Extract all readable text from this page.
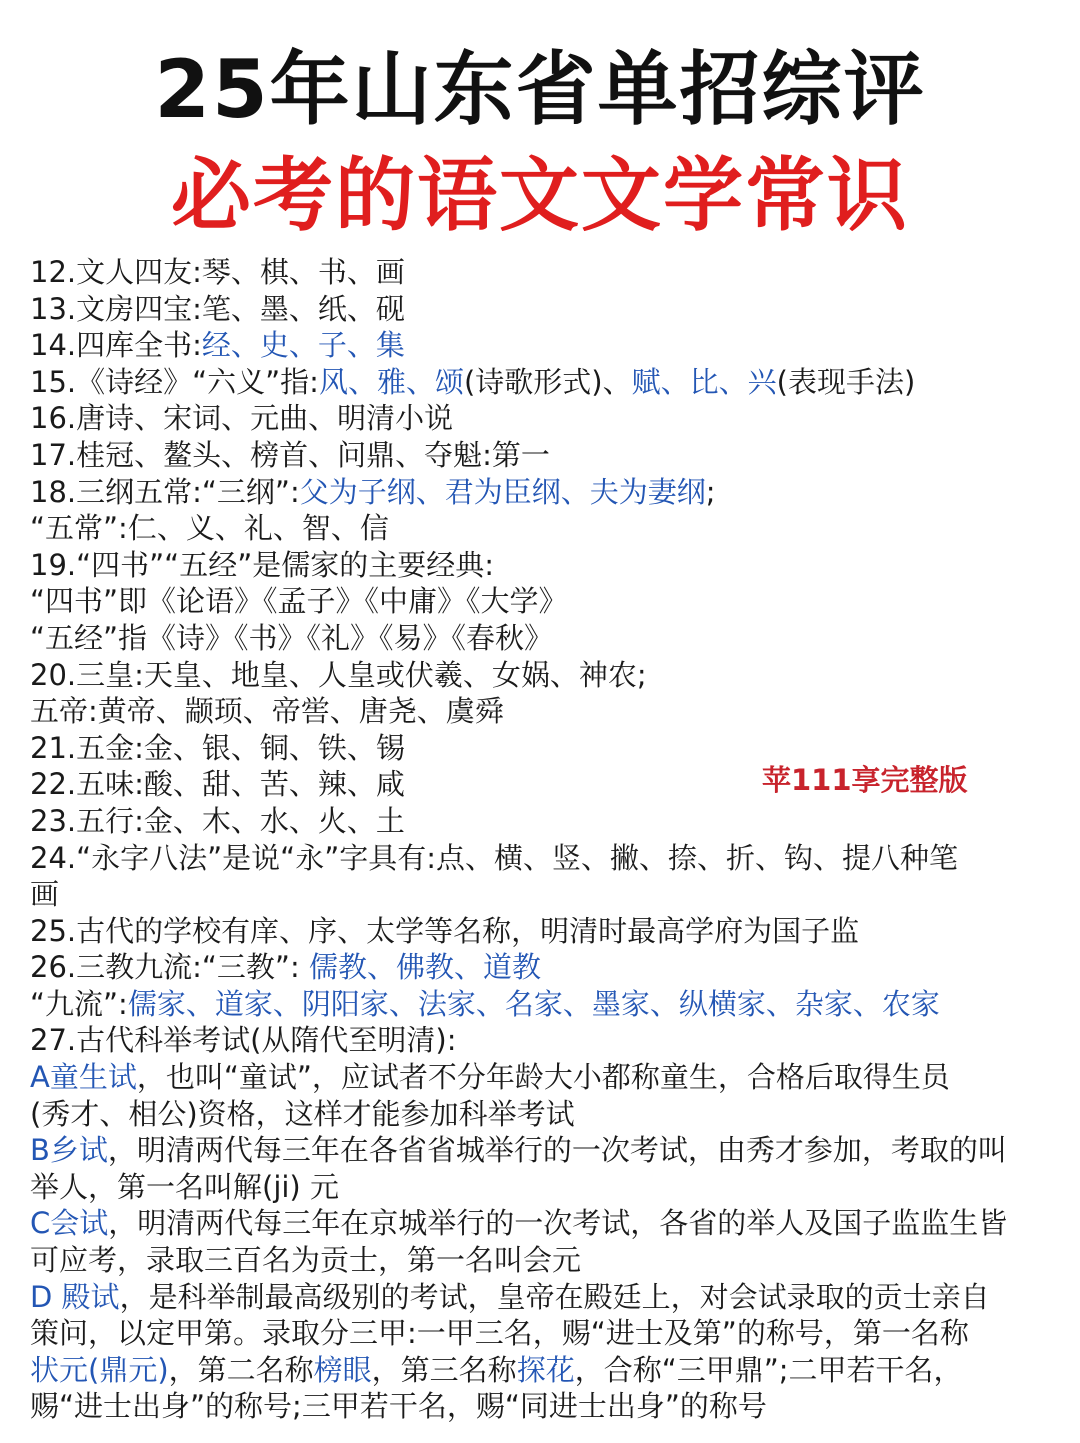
25年山东省单招综评
必考的语文文学常识
12.文人四友:琴、棋、书、画
13.文房四宝:笔、墨、纸、砚
14.四库全书:经、史、子、集
15.《诗经》“六义”指:风、雅、颂(诗歌形式)、赋、比、兴(表现手法)
16.唐诗、宋词、元曲、明清小说
17.桂冠、鳌头、榜首、问鼎、夺魁:第一
18.三纲五常:“三纲”:父为子纲、君为臣纲、夫为妻纲;
“五常”:仁、义、礼、智、信
19.“四书”“五经”是儒家的主要经典:
“四书”即《论语》《孟子》《中庸》《大学》
“五经”指《诗》《书》《礼》《易》《春秋》
20.三皇:天皇、地皇、人皇或伏羲、女娲、神农;
五帝:黄帝、颛顼、帝喾、唐尧、虞舜
21.五金:金、银、铜、铁、锡
22.五味:酸、甜、苦、辣、咸
23.五行:金、木、水、火、土
24.“永字八法”是说“永”字具有:点、横、竖、撇、捺、折、钩、提八种笔
画
25.古代的学校有庠、序、太学等名称，明清时最高学府为国子监
26.三教九流:“三教”: 儒教、佛教、道教
“九流”:儒家、道家、阴阳家、法家、名家、墨家、纵横家、杂家、农家
27.古代科举考试(从隋代至明清):
A童生试，也叫“童试”，应试者不分年龄大小都称童生，合格后取得生员
(秀才、相公)资格，这样才能参加科举考试
B乡试，明清两代每三年在各省省城举行的一次考试，由秀才参加，考取的叫
举人，第一名叫解(ji) 元
C会试，明清两代每三年在京城举行的一次考试，各省的举人及国子监监生皆
可应考，录取三百名为贡士，第一名叫会元
D 殿试，是科举制最高级别的考试，皇帝在殿廷上，对会试录取的贡士亲自
策问，以定甲第。录取分三甲:一甲三名，赐“进士及第”的称号，第一名称
状元(鼎元)，第二名称榜眼，第三名称探花，合称“三甲鼎”;二甲若干名，
赐“进士出身”的称号;三甲若干名，赐“同进士出身”的称号
苹111享完整版
